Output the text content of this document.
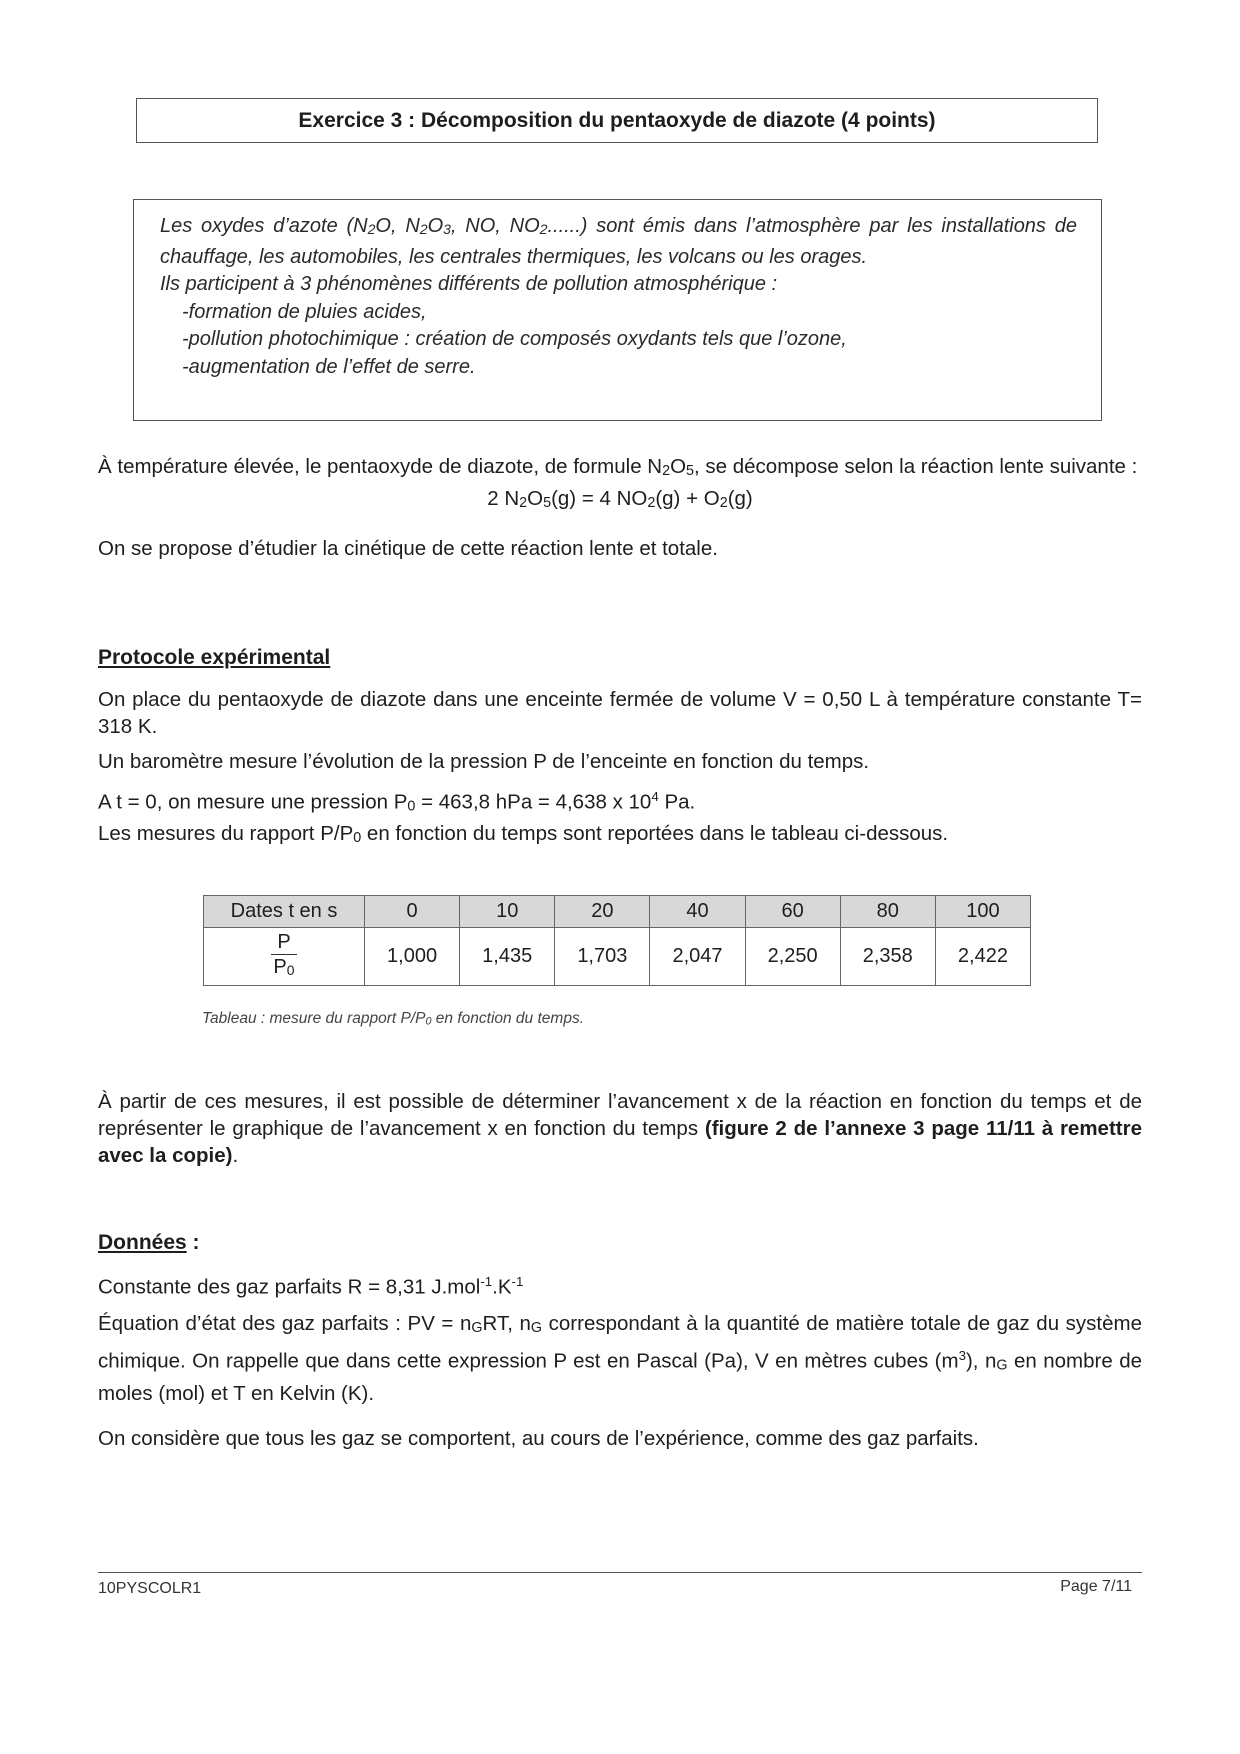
Exercice 3 : Décomposition du pentaoxyde de diazote (4 points)

Les oxydes d’azote (N2O, N2O3, NO, NO2......) sont émis dans l’atmosphère par les installations de chauffage, les automobiles, les centrales thermiques, les volcans ou les orages.

Ils participent à 3 phénomènes différents de pollution atmosphérique :

-formation de pluies acides,

-pollution photochimique : création de composés oxydants tels que l’ozone,

-augmentation de l’effet de serre.

À température élevée, le pentaoxyde de diazote, de formule N2O5, se décompose selon la réaction lente suivante :

2 N2O5(g) = 4 NO2(g) + O2(g)

On se propose d’étudier la cinétique de cette réaction lente et totale.

Protocole expérimental

On place du pentaoxyde de diazote dans une enceinte fermée de volume V = 0,50 L à température constante T= 318 K.

Un baromètre mesure l’évolution de la pression P de l’enceinte en fonction du temps.

A t = 0, on mesure une pression P0 = 463,8 hPa = 4,638 x $10^4$ Pa.

Les mesures du rapport P/P0 en fonction du temps sont reportées dans le tableau ci-dessous.

Dates t en s	0	10	20	40	60	80	100

$\frac{P}{P0}$	1,000	1,435	1,703	2,047	2,250	2,358	2,422
Tableau : mesure du rapport P/P0 en fonction du temps.

À partir de ces mesures, il est possible de déterminer l’avancement x de la réaction en fonction du temps et de représenter le graphique de l’avancement x en fonction du temps (figure 2 de l’annexe 3 page 11/11 à remettre avec la copie).

Données :

Constante des gaz parfaits R = 8,31 $J.mol^{-1}.K^{-1}$

Équation d’état des gaz parfaits : PV = nGRT, nG correspondant à la quantité de matière totale de gaz du système chimique. On rappelle que dans cette expression P est en Pascal (Pa), V en mètres cubes $(m^3)$, nG en nombre de moles (mol) et T en Kelvin (K).

On considère que tous les gaz se comportent, au cours de l’expérience, comme des gaz parfaits.

10PYSCOLR1	Page 7/11
